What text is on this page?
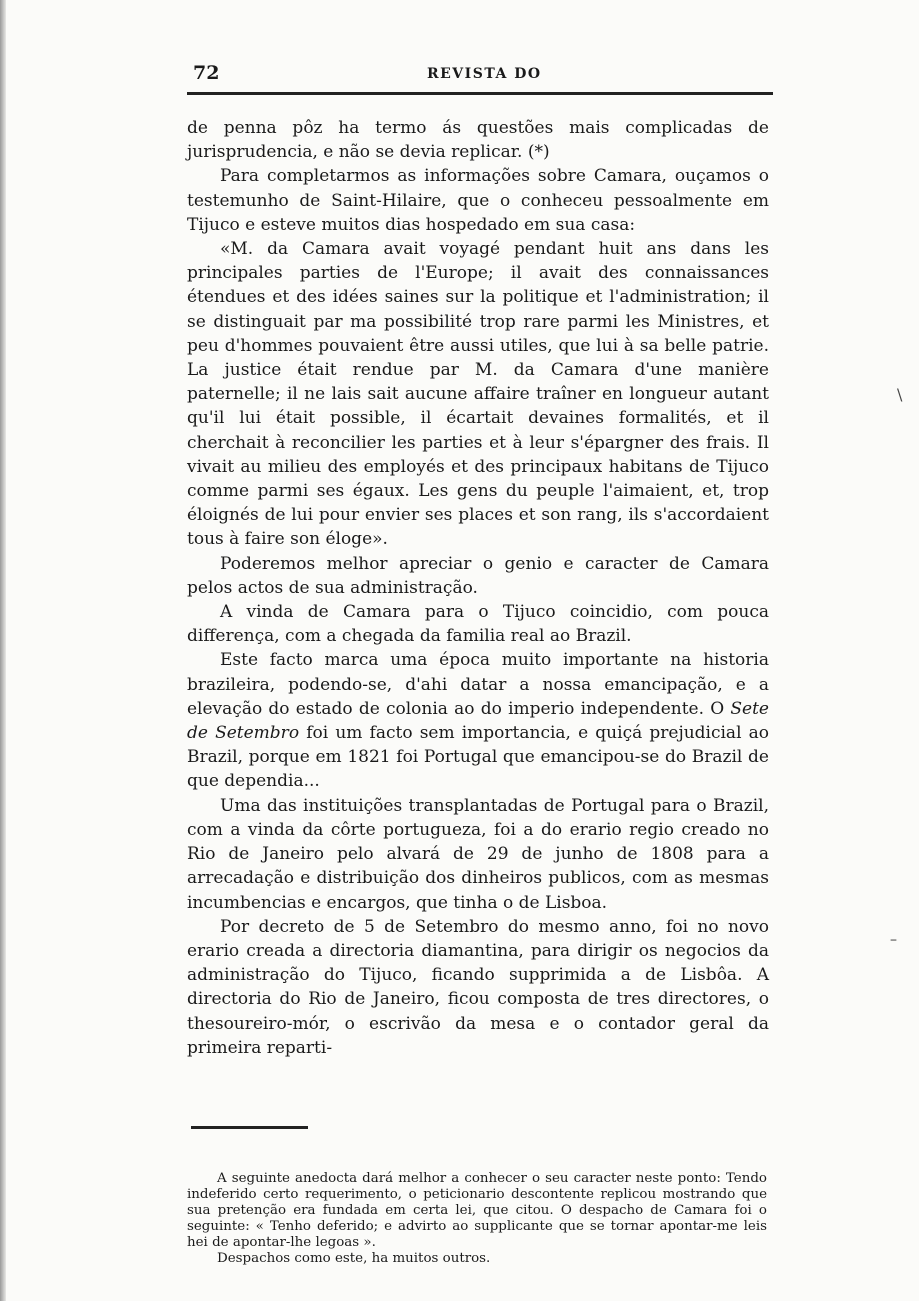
72	REVISTA DO

de penna pôz ha termo ás questões mais complicadas de jurisprudencia, e não se devia replicar. (*)

Para completarmos as informações sobre Camara, ouçamos o testemunho de Saint-Hilaire, que o conheceu pessoalmente em Tijuco e esteve muitos dias hospedado em sua casa:

«M. da Camara avait voyagé pendant huit ans dans les principales parties de l'Europe; il avait des connaissances étendues et des idées saines sur la politique et l'administration; il se distinguait par ma possibilité trop rare parmi les Ministres, et peu d'hommes pouvaient être aussi utiles, que lui à sa belle patrie. La justice était rendue par M. da Camara d'une manière paternelle; il ne lais sait aucune affaire traîner en longueur autant qu'il lui était possible, il écartait devaines formalités, et il cherchait à reconcilier les parties et à leur s'épargner des frais. Il vivait au milieu des employés et des principaux habitans de Tijuco comme parmi ses égaux. Les gens du peuple l'aimaient, et, trop éloignés de lui pour envier ses places et son rang, ils s'accordaient tous à faire son éloge».

Poderemos melhor apreciar o genio e caracter de Camara pelos actos de sua administração.

A vinda de Camara para o Tijuco coincidio, com pouca differença, com a chegada da familia real ao Brazil.

Este facto marca uma época muito importante na historia brazileira, podendo-se, d'ahi datar a nossa emancipação, e a elevação do estado de colonia ao do imperio independente. O Sete de Setembro foi um facto sem importancia, e quiçá prejudicial ao Brazil, porque em 1821 foi Portugal que emancipou-se do Brazil de que dependia...

Uma das instituições transplantadas de Portugal para o Brazil, com a vinda da côrte portugueza, foi a do erario regio creado no Rio de Janeiro pelo alvará de 29 de junho de 1808 para a arrecadação e distribuição dos dinheiros publicos, com as mesmas incumbencias e encargos, que tinha o de Lisboa.

Por decreto de 5 de Setembro do mesmo anno, foi no novo erario creada a directoria diamantina, para dirigir os negocios da administração do Tijuco, ficando supprimida a de Lisbôa. A directoria do Rio de Janeiro, ficou composta de tres directores, o thesoureiro-mór, o escrivão da mesa e o contador geral da primeira reparti-

A seguinte anedocta dará melhor a conhecer o seu caracter neste ponto: Tendo indeferido certo requerimento, o peticionario descontente replicou mostrando que sua pretenção era fundada em certa lei, que citou. O despacho de Camara foi o seguinte: « Tenho deferido; e advirto ao supplicante que se tornar apontar-me leis hei de apontar-lhe legoas ».

Despachos como este, ha muitos outros.

\
–
